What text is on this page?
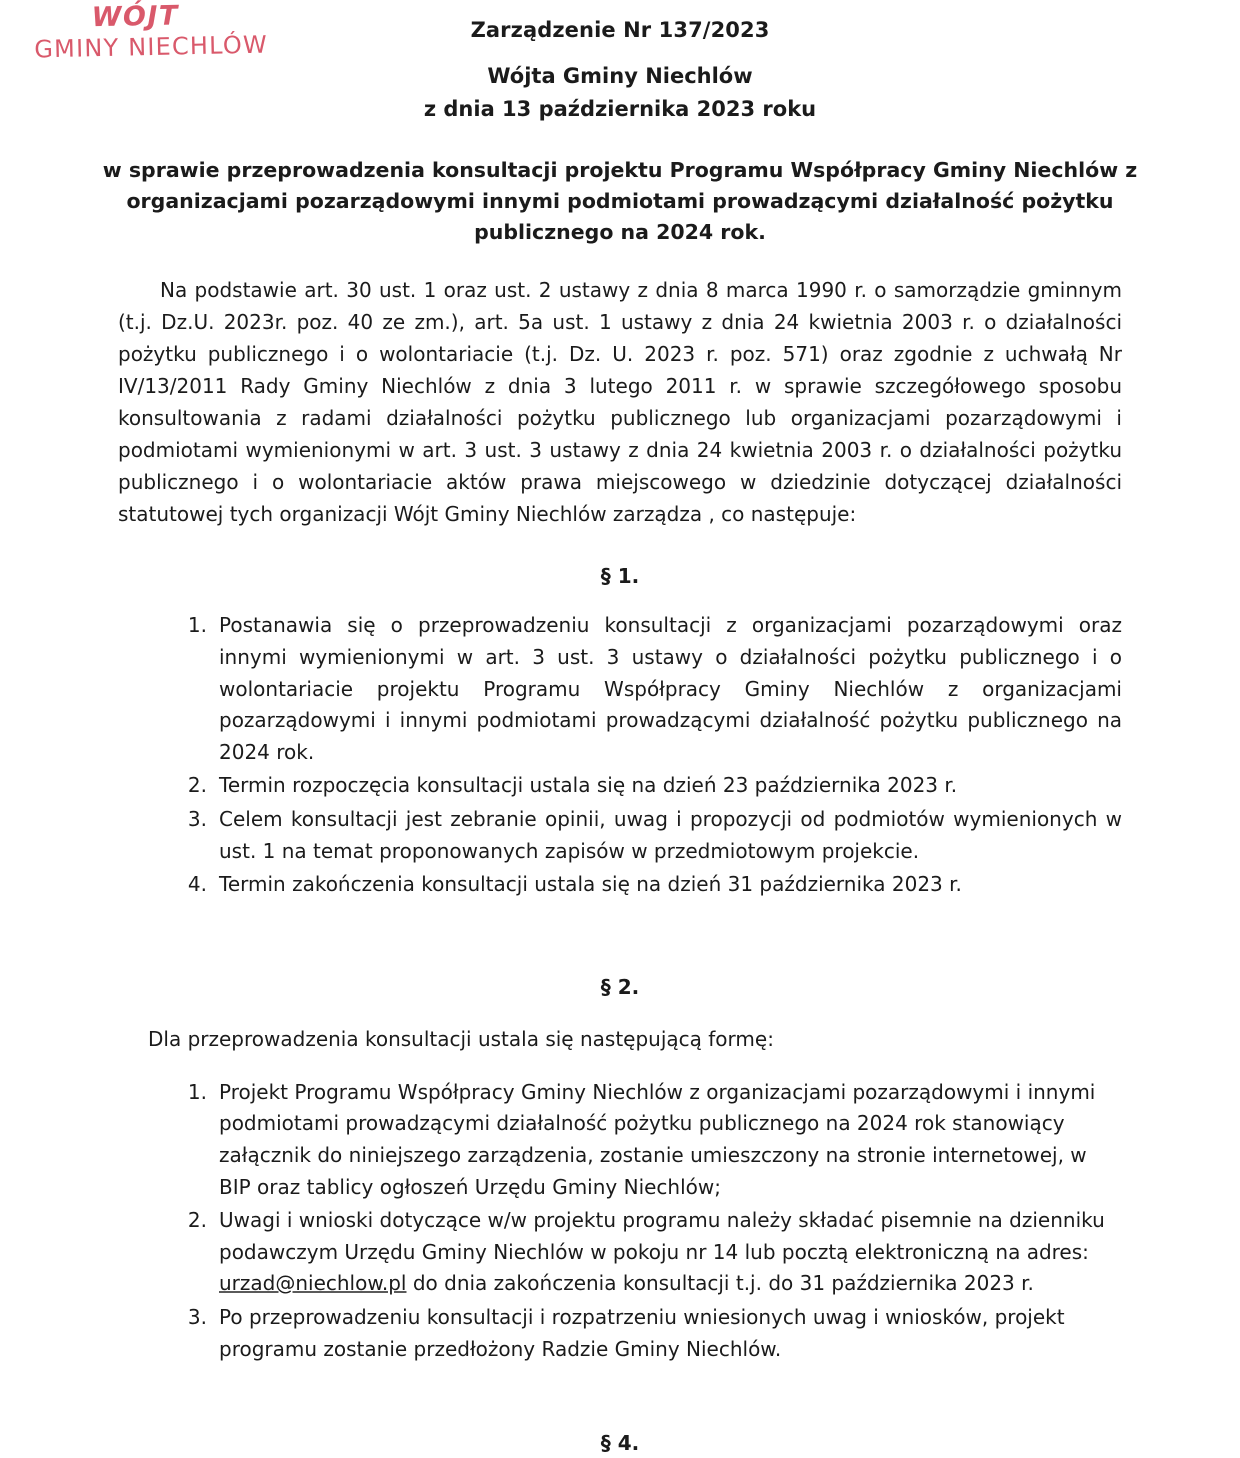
WÓJT
GMINY NIECHLÓW
Zarządzenie Nr 137/2023
Wójta Gminy Niechlów
z dnia 13 października 2023 roku
w sprawie przeprowadzenia konsultacji projektu Programu Współpracy Gminy Niechlów z organizacjami pozarządowymi innymi podmiotami prowadzącymi działalność pożytku publicznego na 2024 rok.
Na podstawie art. 30 ust. 1 oraz ust. 2 ustawy z dnia 8 marca 1990 r. o samorządzie gminnym (t.j. Dz.U. 2023r. poz. 40 ze zm.), art. 5a ust. 1 ustawy z dnia 24 kwietnia 2003 r. o działalności pożytku publicznego i o wolontariacie (t.j. Dz. U. 2023 r. poz. 571) oraz zgodnie z uchwałą Nr IV/13/2011 Rady Gminy Niechlów z dnia 3 lutego 2011 r. w sprawie szczegółowego sposobu konsultowania z radami działalności pożytku publicznego lub organizacjami pozarządowymi i podmiotami wymienionymi w art. 3 ust. 3 ustawy z dnia 24 kwietnia 2003 r. o działalności pożytku publicznego i o wolontariacie aktów prawa miejscowego w dziedzinie dotyczącej działalności statutowej tych organizacji Wójt Gminy Niechlów zarządza , co następuje:
§ 1.
1. Postanawia się o przeprowadzeniu konsultacji z organizacjami pozarządowymi oraz innymi wymienionymi w art. 3 ust. 3 ustawy o działalności pożytku publicznego i o wolontariacie projektu Programu Współpracy Gminy Niechlów z organizacjami pozarządowymi i innymi podmiotami prowadzącymi działalność pożytku publicznego na 2024 rok.
2. Termin rozpoczęcia konsultacji ustala się na dzień 23 października 2023 r.
3. Celem konsultacji jest zebranie opinii, uwag i propozycji od podmiotów wymienionych w ust. 1 na temat proponowanych zapisów w przedmiotowym projekcie.
4. Termin zakończenia konsultacji ustala się na dzień 31 października 2023 r.
§ 2.
Dla przeprowadzenia konsultacji ustala się następującą formę:
1. Projekt Programu Współpracy Gminy Niechlów z organizacjami pozarządowymi i innymi podmiotami prowadzącymi działalność pożytku publicznego na 2024 rok stanowiący załącznik do niniejszego zarządzenia, zostanie umieszczony na stronie internetowej, w BIP oraz tablicy ogłoszeń Urzędu Gminy Niechlów;
2. Uwagi i wnioski dotyczące w/w projektu programu należy składać pisemnie na dzienniku podawczym Urzędu Gminy Niechlów w pokoju nr 14 lub pocztą elektroniczną na adres: urzad@niechlow.pl do dnia zakończenia konsultacji t.j. do 31 października 2023 r.
3. Po przeprowadzeniu konsultacji i rozpatrzeniu wniesionych uwag i wniosków, projekt programu zostanie przedłożony Radzie Gminy Niechlów.
§ 4.
